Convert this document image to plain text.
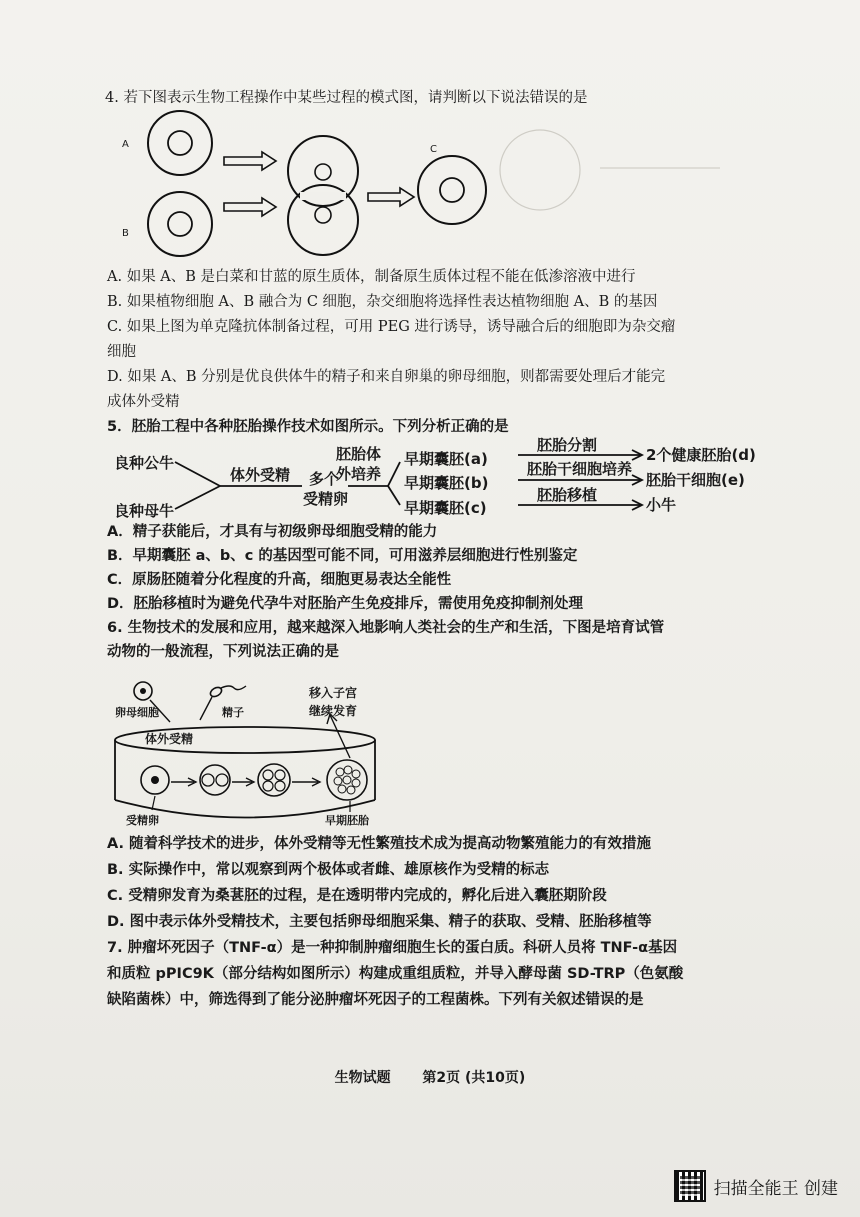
4. 若下图表示生物工程操作中某些过程的模式图，请判断以下说法错误的是
A
B
C
A. 如果 A、B 是白菜和甘蓝的原生质体，制备原生质体过程不能在低渗溶液中进行
B. 如果植物细胞 A、B 融合为 C 细胞，杂交细胞将选择性表达植物细胞 A、B 的基因
C. 如果上图为单克隆抗体制备过程，可用 PEG 进行诱导，诱导融合后的细胞即为杂交瘤
细胞
D. 如果 A、B 分别是优良供体牛的精子和来自卵巢的卵母细胞，则都需要处理后才能完
成体外受精
5．胚胎工程中各种胚胎操作技术如图所示。下列分析正确的是
良种公牛
良种母牛
体外受精 多个
受精卵
胚胎体
外培养
早期囊胚(a)
早期囊胚(b)
早期囊胚(c)
胚胎分割
胚胎干细胞培养
胚胎移植
2个健康胚胎(d)
胚胎干细胞(e)
小牛
A．精子获能后，才具有与初级卵母细胞受精的能力
B．早期囊胚 a、b、c 的基因型可能不同，可用滋养层细胞进行性别鉴定
C．原肠胚随着分化程度的升高，细胞更易表达全能性
D．胚胎移植时为避免代孕牛对胚胎产生免疫排斥，需使用免疫抑制剂处理
6. 生物技术的发展和应用，越来越深入地影响人类社会的生产和生活，下图是培育试管
动物的一般流程，下列说法正确的是
卵母细胞	精子
体外受精
移入子宫
继续发育
受精卵	早期胚胎
A. 随着科学技术的进步，体外受精等无性繁殖技术成为提高动物繁殖能力的有效措施
B. 实际操作中，常以观察到两个极体或者雌、雄原核作为受精的标志
C. 受精卵发育为桑葚胚的过程，是在透明带内完成的，孵化后进入囊胚期阶段
D. 图中表示体外受精技术，主要包括卵母细胞采集、精子的获取、受精、胚胎移植等
7. 肿瘤坏死因子（TNF-α）是一种抑制肿瘤细胞生长的蛋白质。科研人员将 TNF-α基因
和质粒 pPIC9K（部分结构如图所示）构建成重组质粒，并导入酵母菌 SD-TRP（色氨酸
缺陷菌株）中，筛选得到了能分泌肿瘤坏死因子的工程菌株。下列有关叙述错误的是
生物试题 第2页 (共10页)
扫描全能王 创建
